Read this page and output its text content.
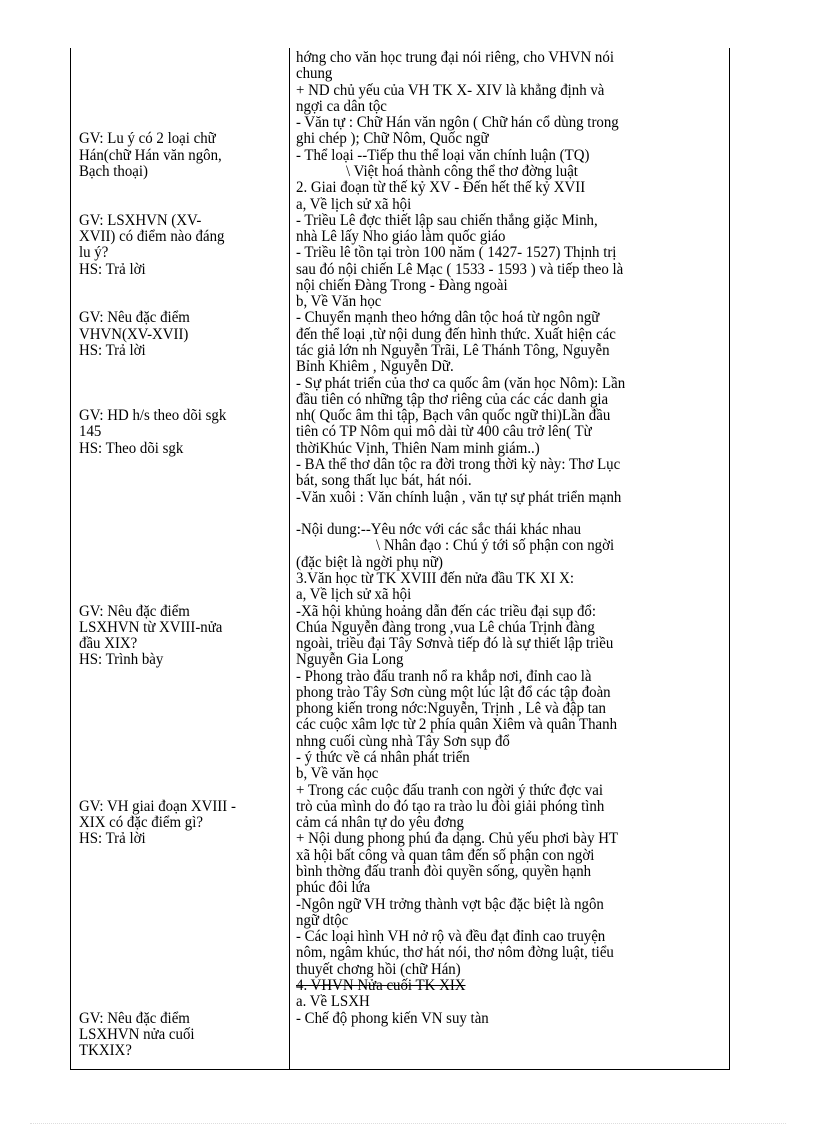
GV: Lu ý có 2 loại chữ
Hán(chữ Hán văn ngôn,
Bạch thoại)
GV: LSXHVN (XV-
XVII) có điểm nào đáng
lu ý?
HS: Trả lời
GV: Nêu đặc điểm
VHVN(XV-XVII)
HS: Trả lời
GV: HD h/s theo dõi sgk
145
HS: Theo dõi sgk
GV: Nêu đặc điểm
LSXHVN từ XVIII-nửa
đầu XIX?
HS: Trình bày
GV: VH giai đoạn XVIII -
XIX có đặc điểm gì?
HS: Trả lời
GV: Nêu đặc điểm
LSXHVN nửa cuối
TKXIX?
hớng cho văn học trung đại nói riêng, cho VHVN nói
chung
+ ND chủ yếu của VH TK X- XIV là khẳng định và
ngợi ca dân tộc
- Văn tự : Chữ Hán văn ngôn ( Chữ hán cổ dùng trong
ghi chép ); Chữ Nôm, Quốc ngữ
- Thể loại --Tiếp thu thể loại văn chính luận (TQ)
\ Việt hoá thành công thể thơ đờng luật
2. Giai đoạn từ thế kỷ XV - Đến hết thế kỷ XVII
a, Về lịch sử xã hội
- Triều Lê đợc thiết lập sau chiến thắng giặc Minh,
nhà Lê lấy Nho giáo làm quốc giáo
- Triều lê tồn tại tròn 100 năm ( 1427- 1527) Thịnh trị
sau đó nội chiến Lê Mạc ( 1533 - 1593 ) và tiếp theo là
nội chiến Đàng Trong - Đàng ngoài
b, Về Văn học
- Chuyển mạnh theo hớng dân tộc hoá từ ngôn ngữ
đến thể loại ,từ nội dung đến hình thức. Xuất hiện các
tác giả lớn nh Nguyễn Trãi, Lê Thánh Tông, Nguyễn
Bỉnh Khiêm , Nguyễn Dữ.
- Sự phát triển của thơ ca quốc âm (văn học Nôm): Lần
đầu tiên có những tập thơ riêng của các các danh gia
nh( Quốc âm thi tập, Bạch vân quốc ngữ thi)Lần đầu
tiên có TP Nôm qui mô dài từ 400 câu trở lên( Từ
thờiKhúc Vịnh, Thiên Nam minh giám..)
- BA thể thơ dân tộc ra đời trong thời kỳ này: Thơ Lục
bát, song thất lục bát, hát nói.
-Văn xuôi : Văn chính luận , văn tự sự phát triển mạnh
-Nội dung:--Yêu nớc với các sắc thái khác nhau
\ Nhân đạo : Chú ý tới số phận con ngời
(đặc biệt là ngời phụ nữ)
3.Văn học từ TK XVIII đến nửa đầu TK XI X:
a, Về lịch sử xã hội
-Xã hội khủng hoảng dẫn đến các triều đại sụp đổ:
Chúa Nguyễn đàng trong ,vua Lê chúa Trịnh đàng
ngoài, triều đại Tây Sơnvà tiếp đó là sự thiết lập triều
Nguyễn Gia Long
- Phong trào đấu tranh nổ ra khắp nơi, đỉnh cao là
phong trào Tây Sơn cùng một lúc lật đổ các tập đoàn
phong kiến trong nớc:Nguyễn, Trịnh , Lê và đập tan
các cuộc xâm lợc từ 2 phía quân Xiêm và quân Thanh
nhng cuối cùng nhà Tây Sơn sụp đổ
- ý thức về cá nhân phát triển
b, Về văn học
+ Trong các cuộc đấu tranh con ngời ý thức đợc vai
trò của mình do đó tạo ra trào lu đòi giải phóng tình
cảm cá nhân tự do yêu đơng
+ Nội dung phong phú đa dạng. Chủ yếu phơi bày HT
xã hội bất công và quan tâm đến số phận con ngời
bình thờng đấu tranh đòi quyền sống, quyền hạnh
phúc đôi lứa
-Ngôn ngữ VH trởng thành vợt bậc đặc biệt là ngôn
ngữ dtộc
- Các loại hình VH nở rộ và đều đạt đỉnh cao truyện
nôm, ngâm khúc, thơ hát nói, thơ nôm đờng luật, tiểu
thuyết chơng hồi (chữ Hán)
4. VHVN Nửa cuối TK XIX
a. Về LSXH
- Chế độ phong kiến VN suy tàn
